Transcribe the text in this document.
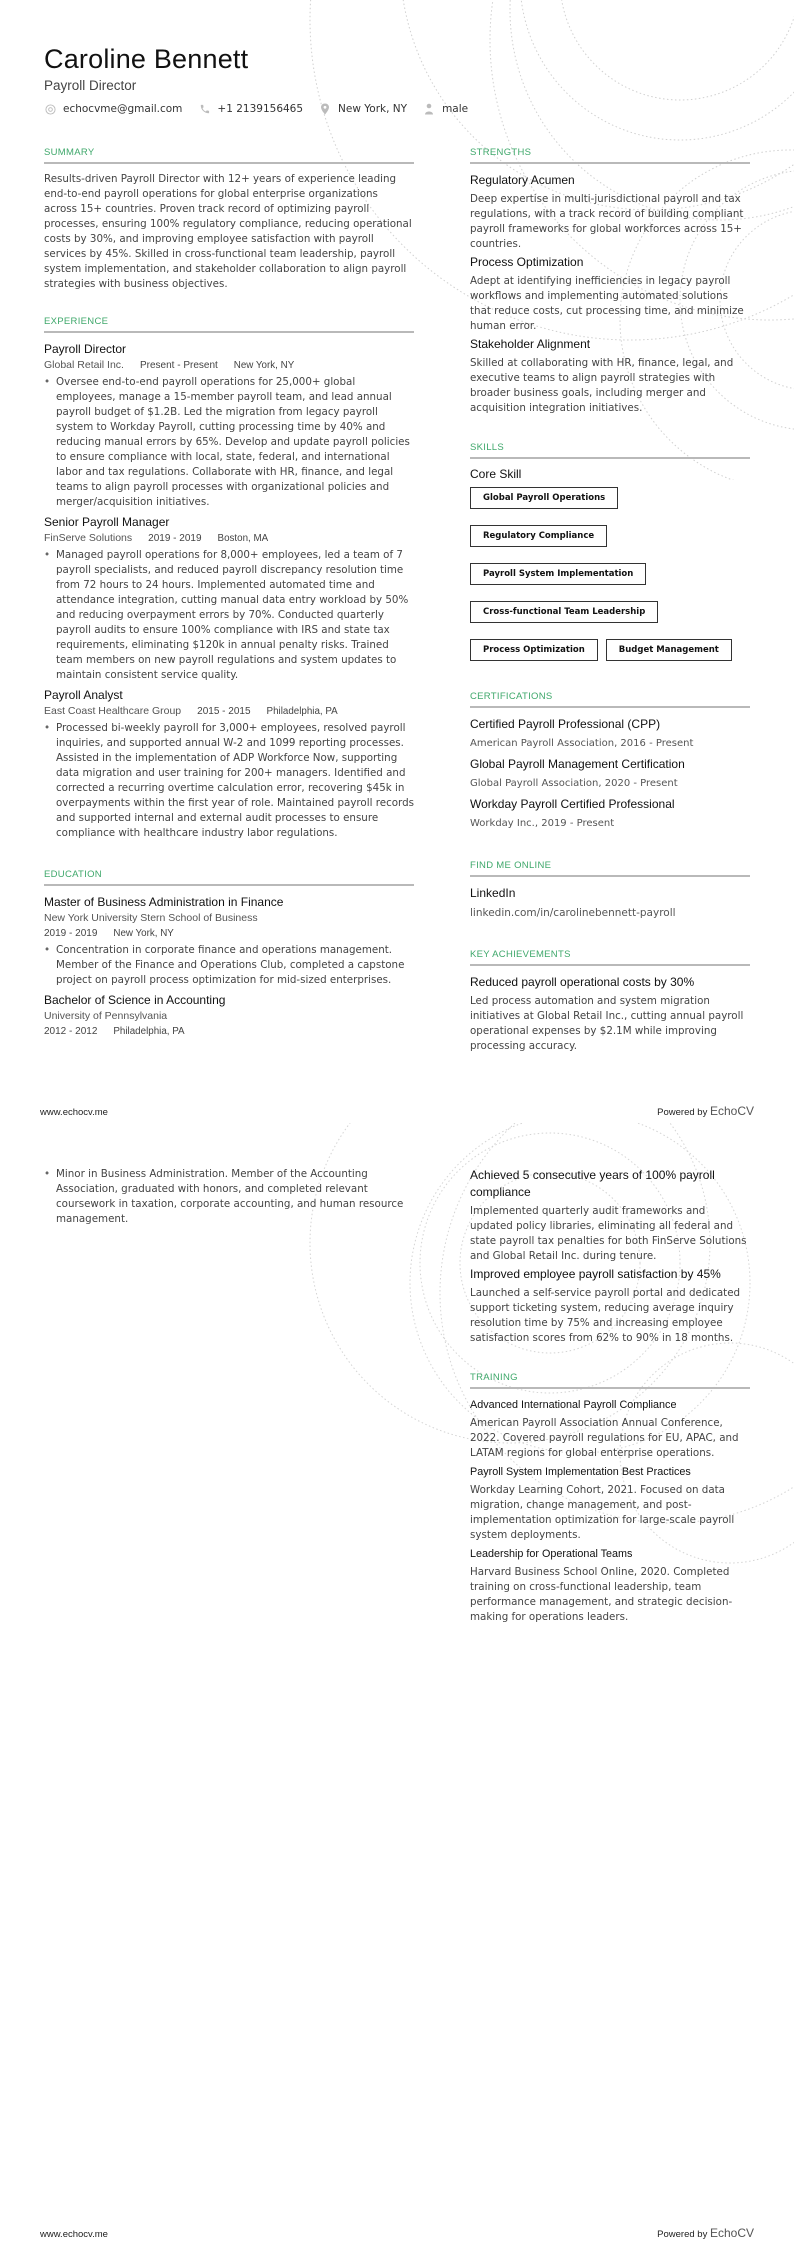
Caroline Bennett
Payroll Director
echocvme@gmail.com	+1 2139156465	New York, NY	male
SUMMARY

Results-driven Payroll Director with 12+ years of experience leading end-to-end payroll operations for global enterprise organizations across 15+ countries. Proven track record of optimizing payroll processes, ensuring 100% regulatory compliance, reducing operational costs by 30%, and improving employee satisfaction with payroll services by 45%. Skilled in cross-functional team leadership, payroll system implementation, and stakeholder collaboration to align payroll strategies with business objectives.

EXPERIENCE
Payroll Director
Global Retail Inc. Present - Present New York, NY
• Oversee end-to-end payroll operations for 25,000+ global employees, manage a 15-member payroll team, and lead annual payroll budget of $1.2B. Led the migration from legacy payroll system to Workday Payroll, cutting processing time by 40% and reducing manual errors by 65%. Develop and update payroll policies to ensure compliance with local, state, federal, and international labor and tax regulations. Collaborate with HR, finance, and legal teams to align payroll processes with organizational policies and merger/acquisition initiatives.
Senior Payroll Manager
FinServe Solutions 2019 - 2019 Boston, MA
• Managed payroll operations for 8,000+ employees, led a team of 7 payroll specialists, and reduced payroll discrepancy resolution time from 72 hours to 24 hours. Implemented automated time and attendance integration, cutting manual data entry workload by 50% and reducing overpayment errors by 70%. Conducted quarterly payroll audits to ensure 100% compliance with IRS and state tax requirements, eliminating $120k in annual penalty risks. Trained team members on new payroll regulations and system updates to maintain consistent service quality.
Payroll Analyst
East Coast Healthcare Group 2015 - 2015 Philadelphia, PA
• Processed bi-weekly payroll for 3,000+ employees, resolved payroll inquiries, and supported annual W-2 and 1099 reporting processes. Assisted in the implementation of ADP Workforce Now, supporting data migration and user training for 200+ managers. Identified and corrected a recurring overtime calculation error, recovering $45k in overpayments within the first year of role. Maintained payroll records and supported internal and external audit processes to ensure compliance with healthcare industry labor regulations.
EDUCATION
Master of Business Administration in Finance
New York University Stern School of Business
2019 - 2019 New York, NY
• Concentration in corporate finance and operations management. Member of the Finance and Operations Club, completed a capstone project on payroll process optimization for mid-sized enterprises.
Bachelor of Science in Accounting
University of Pennsylvania
2012 - 2012 Philadelphia, PA
STRENGTHS
Regulatory Acumen

Deep expertise in multi-jurisdictional payroll and tax regulations, with a track record of building compliant payroll frameworks for global workforces across 15+ countries.

Process Optimization

Adept at identifying inefficiencies in legacy payroll workflows and implementing automated solutions that reduce costs, cut processing time, and minimize human error.

Stakeholder Alignment

Skilled at collaborating with HR, finance, legal, and executive teams to align payroll strategies with broader business goals, including merger and acquisition integration initiatives.

SKILLS
Core Skill
Global Payroll Operations
Regulatory Compliance
Payroll System Implementation
Cross-functional Team Leadership
Process Optimization	Budget Management
CERTIFICATIONS
Certified Payroll Professional (CPP)
American Payroll Association, 2016 - Present
Global Payroll Management Certification
Global Payroll Association, 2020 - Present
Workday Payroll Certified Professional
Workday Inc., 2019 - Present
FIND ME ONLINE
LinkedIn
linkedin.com/in/carolinebennett-payroll
KEY ACHIEVEMENTS
Reduced payroll operational costs by 30%

Led process automation and system migration initiatives at Global Retail Inc., cutting annual payroll operational expenses by $2.1M while improving processing accuracy.

www.echocv.me	Powered by EchoCV
• Minor in Business Administration. Member of the Accounting Association, graduated with honors, and completed relevant coursework in taxation, corporate accounting, and human resource management.
Achieved 5 consecutive years of 100% payroll compliance

Implemented quarterly audit frameworks and updated policy libraries, eliminating all federal and state payroll tax penalties for both FinServe Solutions and Global Retail Inc. during tenure.

Improved employee payroll satisfaction by 45%

Launched a self-service payroll portal and dedicated support ticketing system, reducing average inquiry resolution time by 75% and increasing employee satisfaction scores from 62% to 90% in 18 months.

TRAINING
Advanced International Payroll Compliance

American Payroll Association Annual Conference, 2022. Covered payroll regulations for EU, APAC, and LATAM regions for global enterprise operations.

Payroll System Implementation Best Practices

Workday Learning Cohort, 2021. Focused on data migration, change management, and post-implementation optimization for large-scale payroll system deployments.

Leadership for Operational Teams

Harvard Business School Online, 2020. Completed training on cross-functional leadership, team performance management, and strategic decision-making for operations leaders.

www.echocv.me	Powered by EchoCV
